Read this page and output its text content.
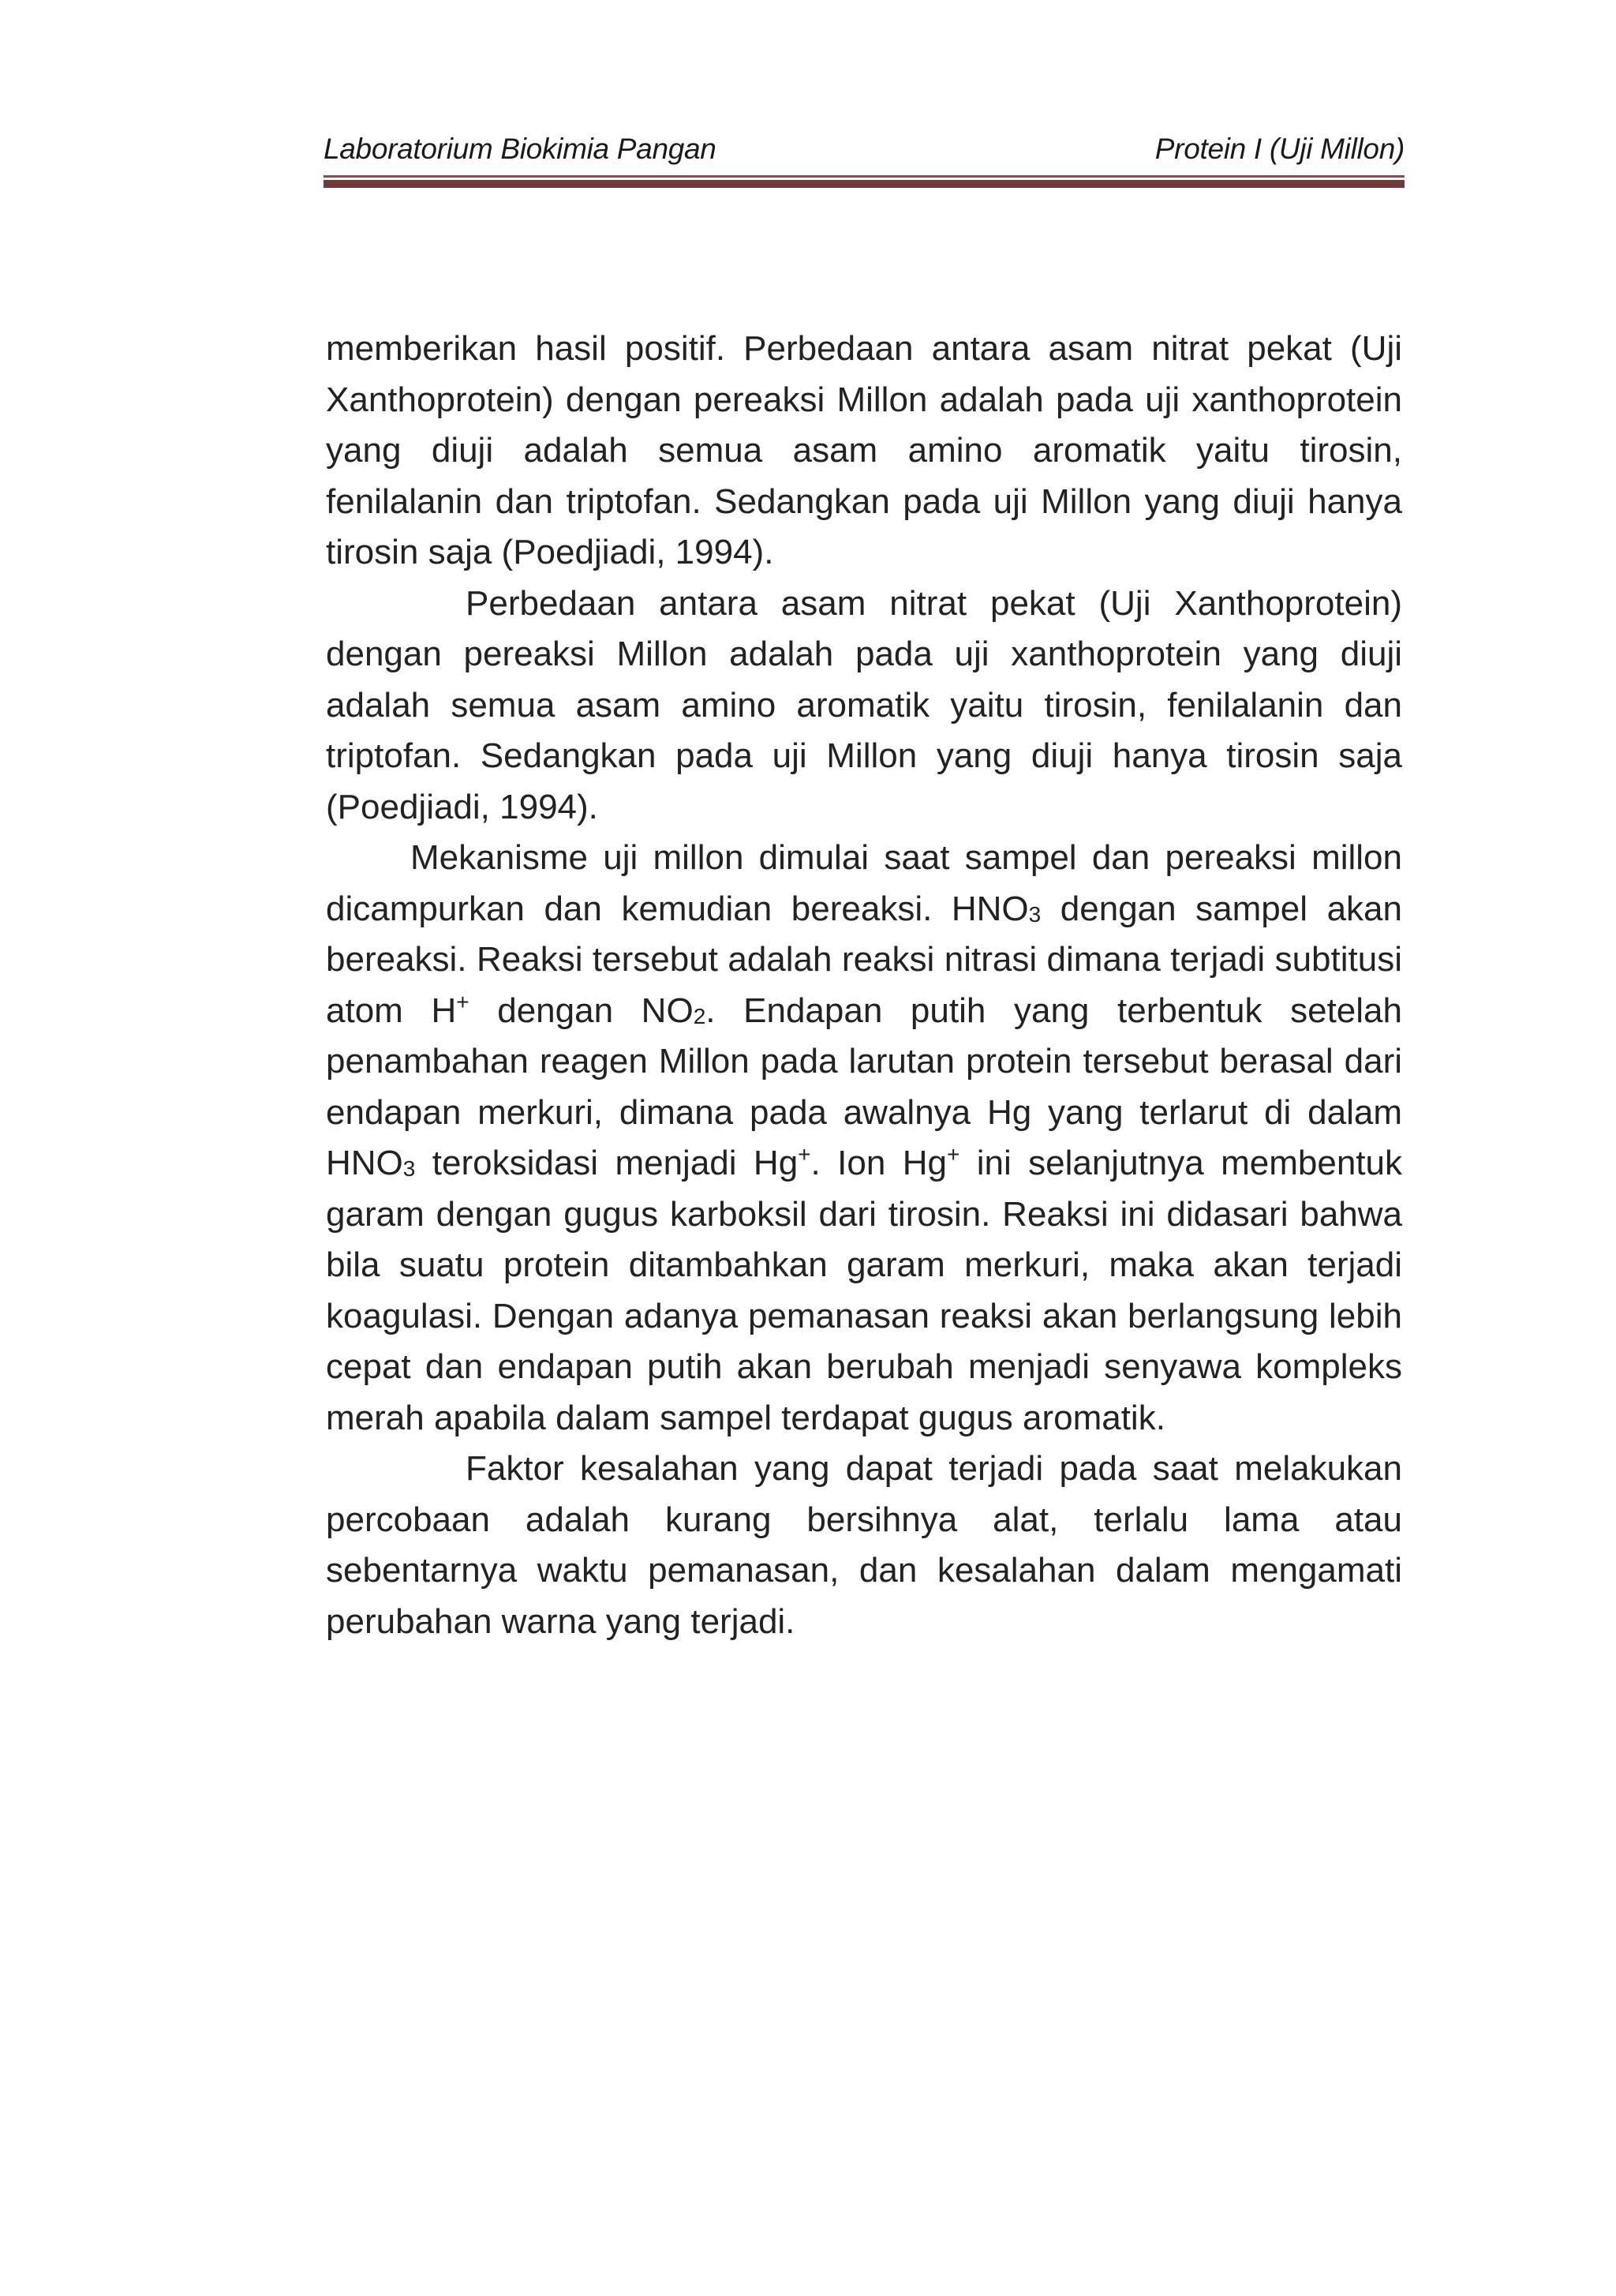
Laboratorium Biokimia Pangan	Protein I (Uji Millon)

memberikan hasil positif. Perbedaan antara asam nitrat pekat (Uji Xanthoprotein) dengan pereaksi Millon adalah pada uji xanthoprotein yang diuji adalah semua asam amino aromatik yaitu tirosin, fenilalanin dan triptofan. Sedangkan pada uji Millon yang diuji hanya tirosin saja (Poedjiadi, 1994).

Perbedaan antara asam nitrat pekat (Uji Xanthoprotein) dengan pereaksi Millon adalah pada uji xanthoprotein yang diuji adalah semua asam amino aromatik yaitu tirosin, fenilalanin dan triptofan. Sedangkan pada uji Millon yang diuji hanya tirosin saja (Poedjiadi, 1994).

Mekanisme uji millon dimulai saat sampel dan pereaksi millon dicampurkan dan kemudian bereaksi. $HNO_3$ dengan sampel akan bereaksi. Reaksi tersebut adalah reaksi nitrasi dimana terjadi subtitusi atom H+ dengan $NO_2$. Endapan putih yang terbentuk setelah penambahan reagen Millon pada larutan protein tersebut berasal dari endapan merkuri, dimana pada awalnya Hg yang terlarut di dalam $HNO_3$ teroksidasi menjadi Hg+. Ion Hg+ ini selanjutnya membentuk garam dengan gugus karboksil dari tirosin. Reaksi ini didasari bahwa bila suatu protein ditambahkan garam merkuri, maka akan terjadi koagulasi. Dengan adanya pemanasan reaksi akan berlangsung lebih cepat dan endapan putih akan berubah menjadi senyawa kompleks merah apabila dalam sampel terdapat gugus aromatik.

Faktor kesalahan yang dapat terjadi pada saat melakukan percobaan adalah kurang bersihnya alat, terlalu lama atau sebentarnya waktu pemanasan, dan kesalahan dalam mengamati perubahan warna yang terjadi.
